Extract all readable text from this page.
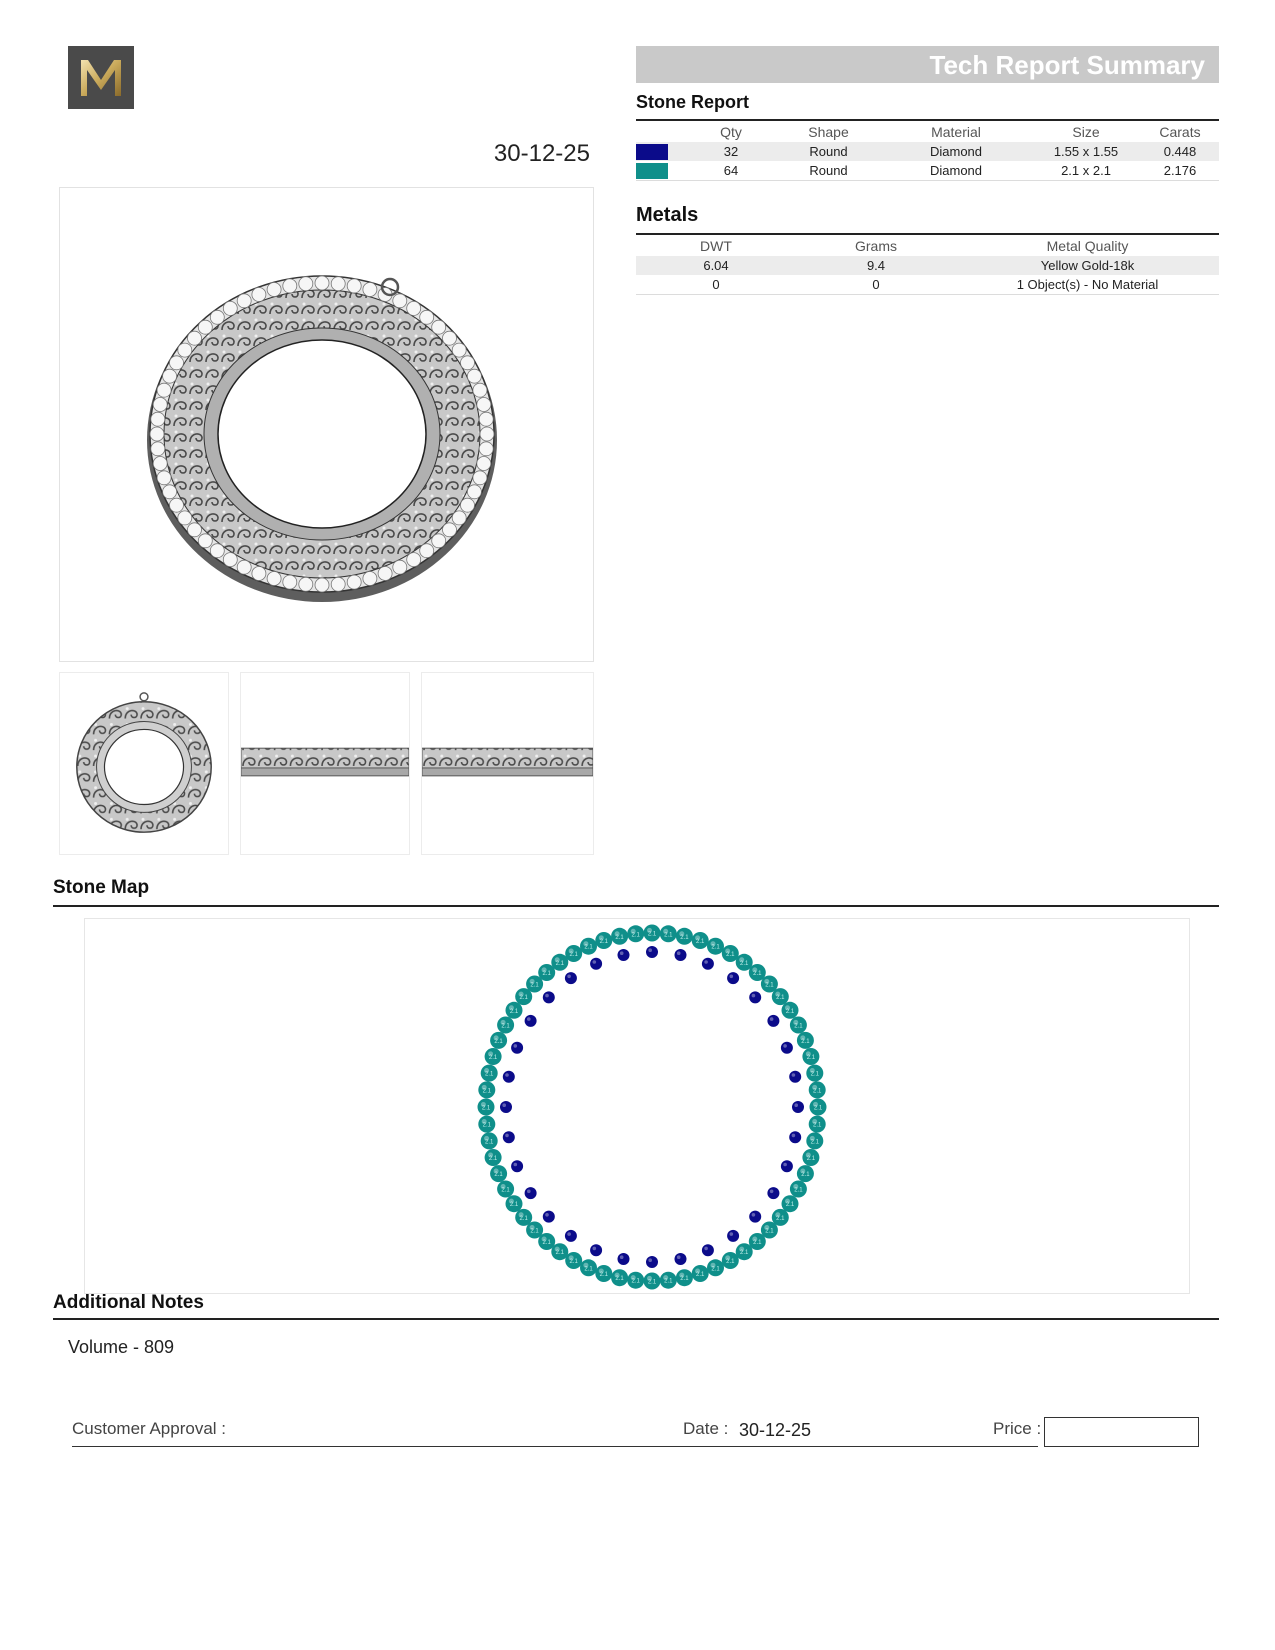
30-12-25
Tech Report Summary
Stone Report
	Qty	Shape	Material	Size	Carats
	32	Round	Diamond	1.55 x 1.55	0.448
	64	Round	Diamond	2.1 x 2.1	2.176
Metals
DWT	Grams	Metal Quality
6.04	9.4	Yellow Gold-18k
0	0	1 Object(s) - No Material
Stone Map
2.1
2.1
2.1
2.1
2.1
2.1
2.1
2.1
2.1
2.1
2.1
2.1
2.1
2.1
2.1
2.1
2.1
2.1
2.1
2.1
2.1
2.1
2.1
2.1
2.1
2.1
2.1
2.1
2.1
2.1
2.1
2.1
2.1
2.1
2.1
2.1
2.1
2.1
2.1
2.1
2.1
2.1
2.1
2.1
2.1
2.1
2.1 2.1 2.1 2.1 2.1
2.1
2.1
2.1
2.1
2.1
2.1
2.1
2.1
2.1
2.1
2.1
2.1
2.1
Additional Notes
Volume - 809
Customer Approval :	Date : 30-12-25	Price :
